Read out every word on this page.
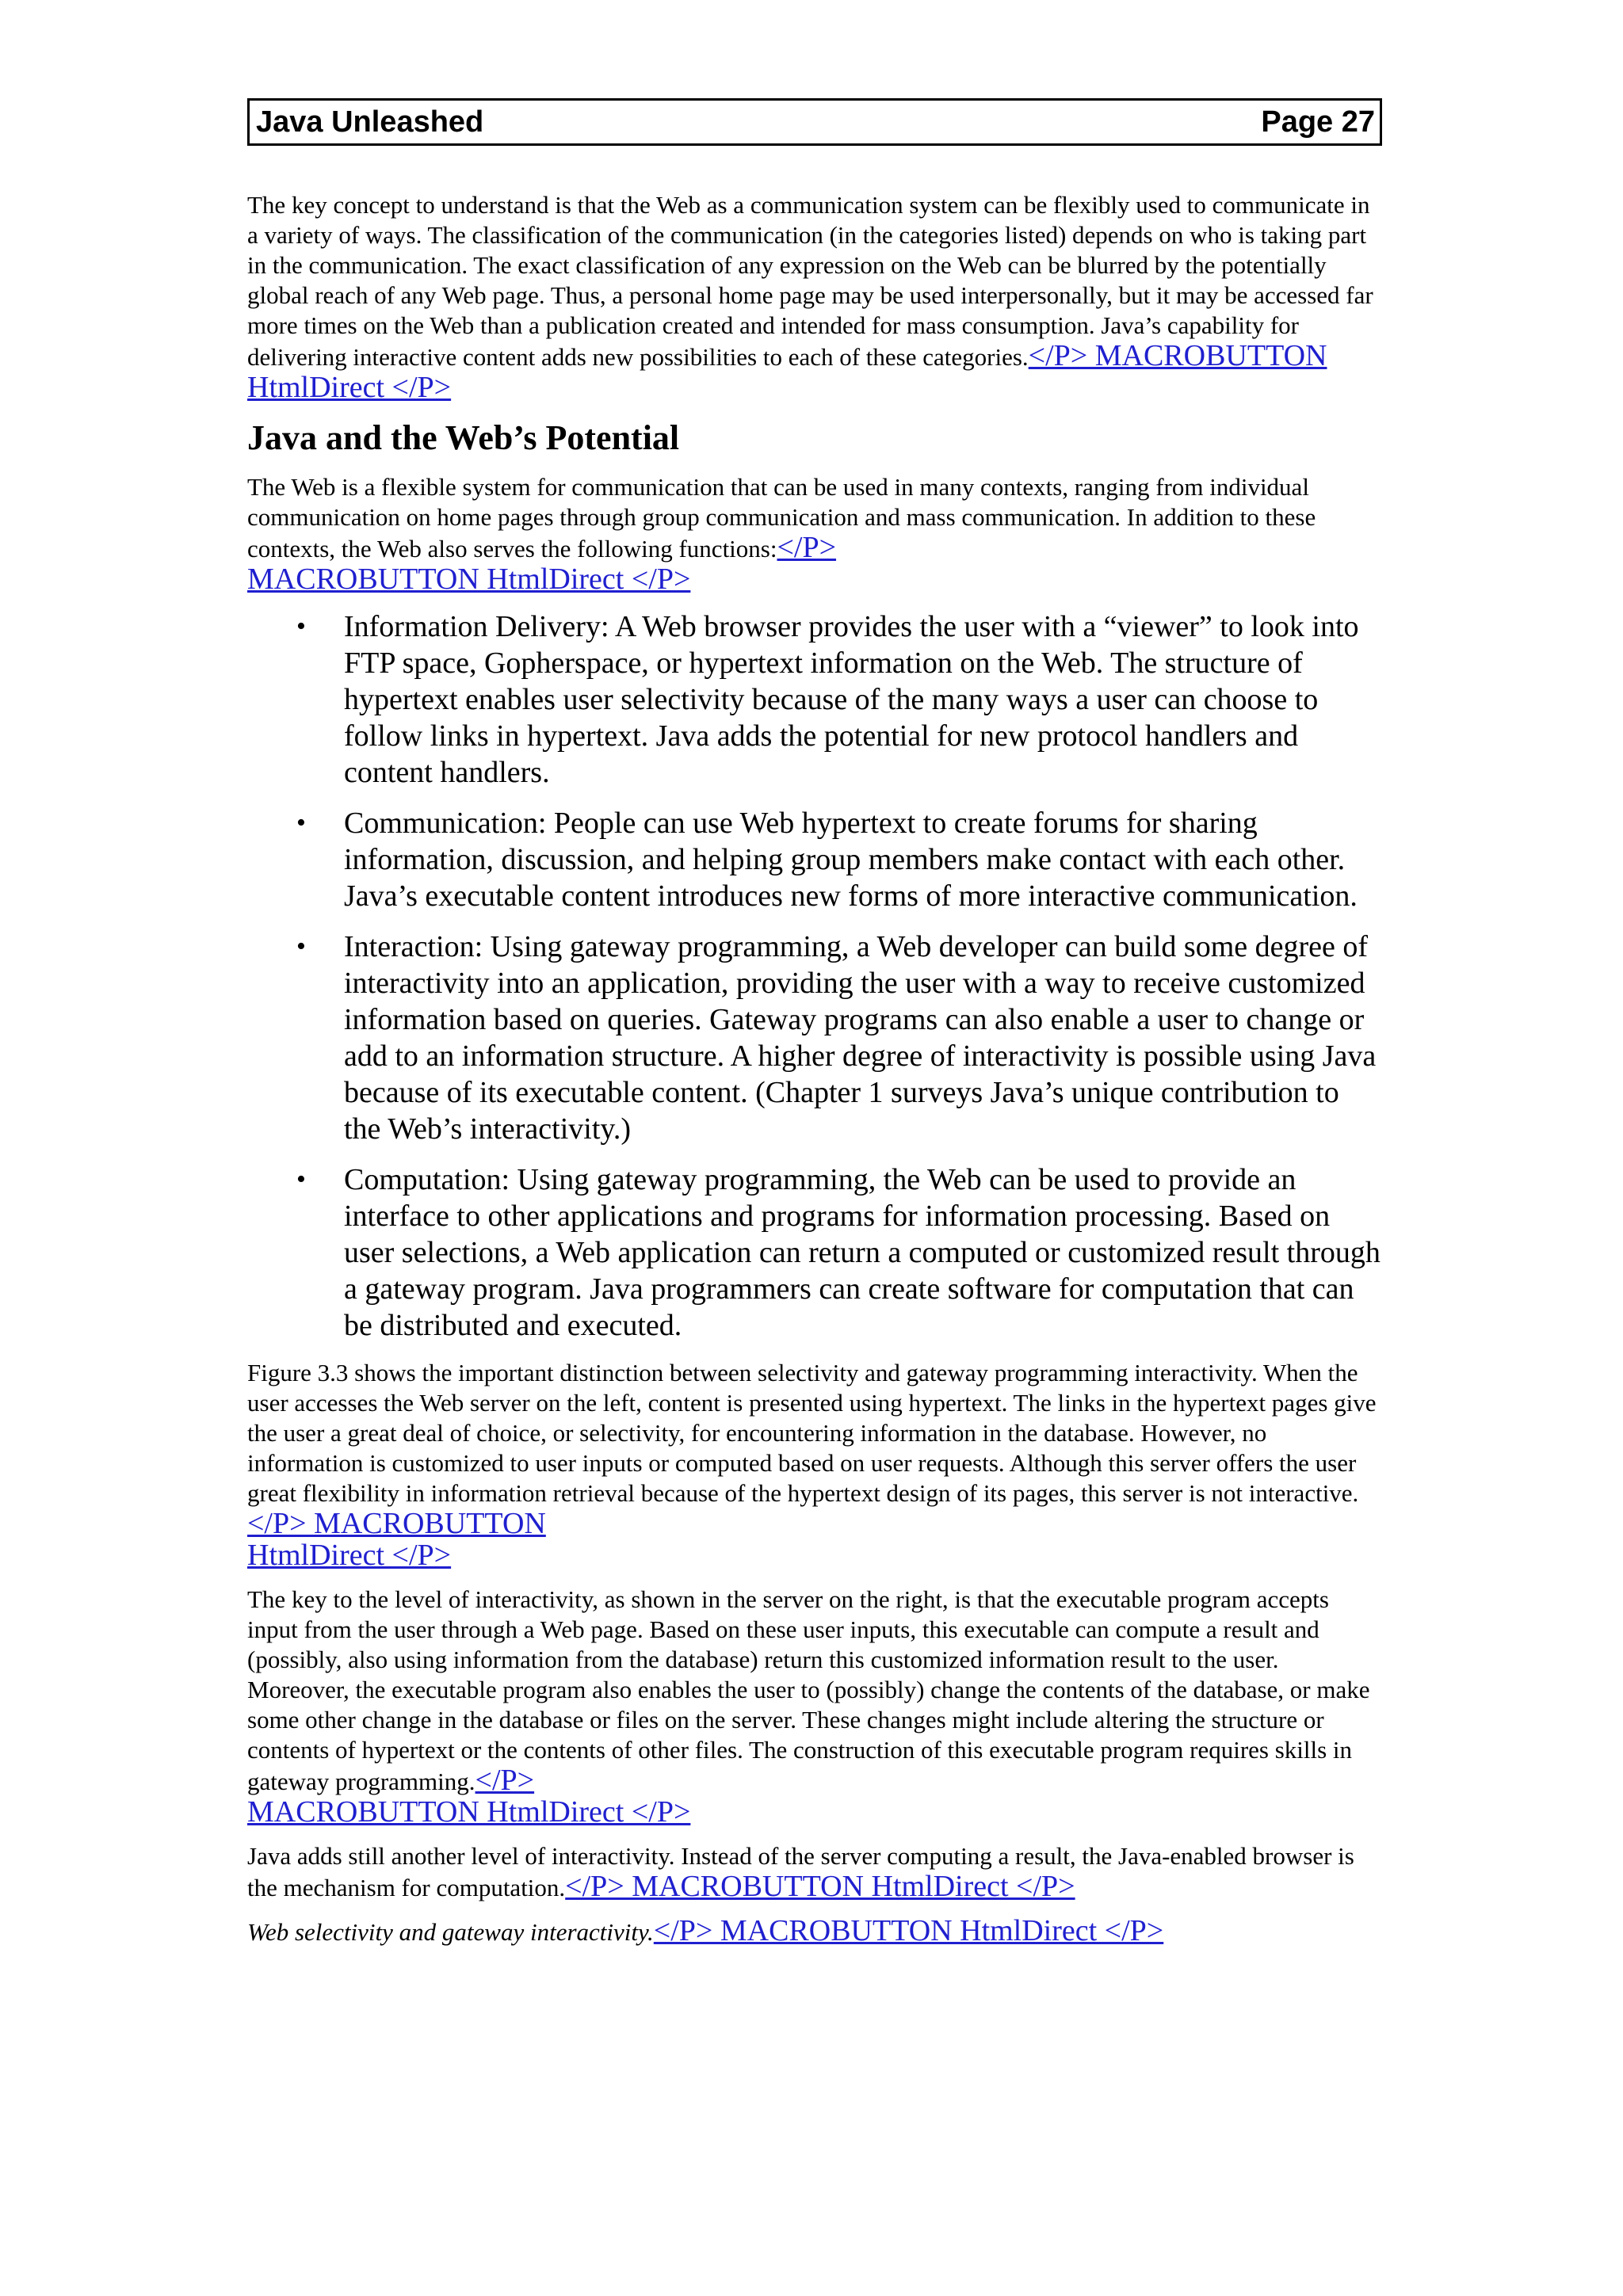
Java Unleashed	Page 27

The key concept to understand is that the Web as a communication system can be flexibly used to communicate in a variety of ways. The classification of the communication (in the categories listed) depends on who is taking part in the communication. The exact classification of any expression on the Web can be blurred by the potentially global reach of any Web page. Thus, a personal home page may be used interpersonally, but it may be accessed far more times on the Web than a publication created and intended for mass consumption. Java’s capability for delivering interactive content adds new possibilities to each of these categories.</P> MACROBUTTON HtmlDirect </P>

Java and the Web’s Potential

The Web is a flexible system for communication that can be used in many contexts, ranging from individual communication on home pages through group communication and mass communication. In addition to these contexts, the Web also serves the following functions:</P>
MACROBUTTON HtmlDirect </P>

• Information Delivery: A Web browser provides the user with a “viewer” to look into FTP space, Gopherspace, or hypertext information on the Web. The structure of hypertext enables user selectivity because of the many ways a user can choose to follow links in hypertext. Java adds the potential for new protocol handlers and content handlers.
• Communication: People can use Web hypertext to create forums for sharing information, discussion, and helping group members make contact with each other. Java’s executable content introduces new forms of more interactive communication.
• Interaction: Using gateway programming, a Web developer can build some degree of interactivity into an application, providing the user with a way to receive customized information based on queries. Gateway programs can also enable a user to change or add to an information structure. A higher degree of interactivity is possible using Java because of its executable content. (Chapter 1 surveys Java’s unique contribution to the Web’s interactivity.)
• Computation: Using gateway programming, the Web can be used to provide an interface to other applications and programs for information processing. Based on user selections, a Web application can return a computed or customized result through a gateway program. Java programmers can create software for computation that can be distributed and executed.

Figure 3.3 shows the important distinction between selectivity and gateway programming interactivity. When the user accesses the Web server on the left, content is presented using hypertext. The links in the hypertext pages give the user a great deal of choice, or selectivity, for encountering information in the database. However, no information is customized to user inputs or computed based on user requests. Although this server offers the user great flexibility in information retrieval because of the hypertext design of its pages, this server is not interactive.</P> MACROBUTTON
HtmlDirect </P>

The key to the level of interactivity, as shown in the server on the right, is that the executable program accepts input from the user through a Web page. Based on these user inputs, this executable can compute a result and (possibly, also using information from the database) return this customized information result to the user. Moreover, the executable program also enables the user to (possibly) change the contents of the database, or make some other change in the database or files on the server. These changes might include altering the structure or contents of hypertext or the contents of other files. The construction of this executable program requires skills in gateway programming.</P>
MACROBUTTON HtmlDirect </P>

Java adds still another level of interactivity. Instead of the server computing a result, the Java-enabled browser is the mechanism for computation.</P> MACROBUTTON HtmlDirect </P>

Web selectivity and gateway interactivity.</P> MACROBUTTON HtmlDirect </P>
